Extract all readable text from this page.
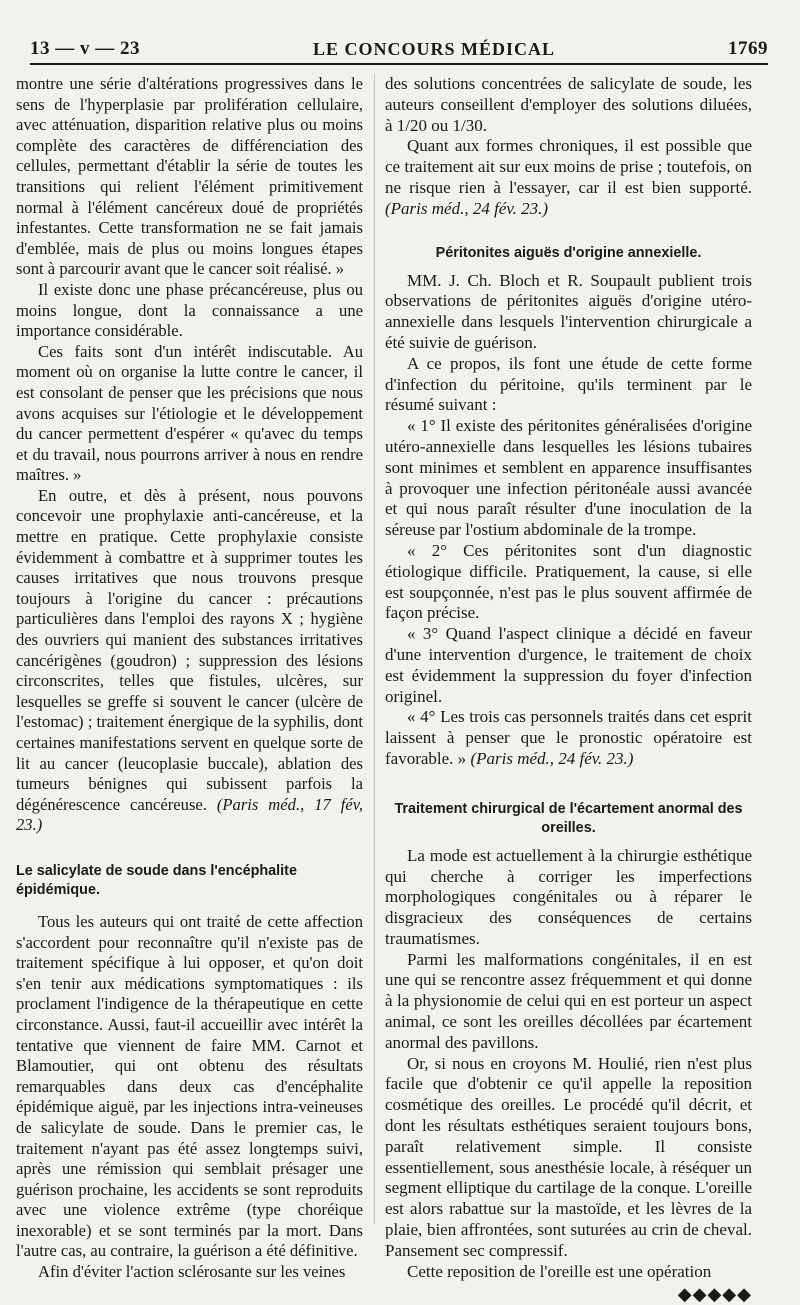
13 — v — 23	LE CONCOURS MÉDICAL	1769

montre une série d'altérations progressives dans le sens de l'hyperplasie par prolifération cellulaire, avec atténuation, disparition relative plus ou moins complète des caractères de différenciation des cellules, permettant d'établir la série de toutes les transitions qui relient l'élément primitivement normal à l'élément cancéreux doué de propriétés infestantes. Cette transformation ne se fait jamais d'emblée, mais de plus ou moins longues étapes sont à parcourir avant que le cancer soit réalisé. »

Il existe donc une phase précancéreuse, plus ou moins longue, dont la connaissance a une importance considérable.

Ces faits sont d'un intérêt indiscutable. Au moment où on organise la lutte contre le cancer, il est consolant de penser que les précisions que nous avons acquises sur l'étiologie et le développement du cancer permettent d'espérer « qu'avec du temps et du travail, nous pourrons arriver à nous en rendre maîtres. »

En outre, et dès à présent, nous pouvons concevoir une prophylaxie anti-cancéreuse, et la mettre en pratique. Cette prophylaxie consiste évidemment à combattre et à supprimer toutes les causes irritatives que nous trouvons presque toujours à l'origine du cancer : précautions particulières dans l'emploi des rayons X ; hygiène des ouvriers qui manient des substances irritatives cancérigènes (goudron) ; suppression des lésions circonscrites, telles que fistules, ulcères, sur lesquelles se greffe si souvent le cancer (ulcère de l'estomac) ; traitement énergique de la syphilis, dont certaines manifestations servent en quelque sorte de lit au cancer (leucoplasie buccale), ablation des tumeurs bénignes qui subissent parfois la dégénérescence cancéreuse. (Paris méd., 17 fév, 23.)

Le salicylate de soude dans l'encéphalite épidémique.

Tous les auteurs qui ont traité de cette affection s'accordent pour reconnaître qu'il n'existe pas de traitement spécifique à lui opposer, et qu'on doit s'en tenir aux médications symptomatiques : ils proclament l'indigence de la thérapeutique en cette circonstance. Aussi, faut-il accueillir avec intérêt la tentative que viennent de faire MM. Carnot et Blamoutier, qui ont obtenu des résultats remarquables dans deux cas d'encéphalite épidémique aiguë, par les injections intra-veineuses de salicylate de soude. Dans le premier cas, le traitement n'ayant pas été assez longtemps suivi, après une rémission qui semblait présager une guérison prochaine, les accidents se sont reproduits avec une violence extrême (type choréique inexorable) et se sont terminés par la mort. Dans l'autre cas, au contraire, la guérison a été définitive.

Afin d'éviter l'action sclérosante sur les veines

des solutions concentrées de salicylate de soude, les auteurs conseillent d'employer des solutions diluées, à 1/20 ou 1/30.

Quant aux formes chroniques, il est possible que ce traitement ait sur eux moins de prise ; toutefois, on ne risque rien à l'essayer, car il est bien supporté. (Paris méd., 24 fév. 23.)

Péritonites aiguës d'origine annexielle.

MM. J. Ch. Bloch et R. Soupault publient trois observations de péritonites aiguës d'origine utéro-annexielle dans lesquels l'intervention chirurgicale a été suivie de guérison.

A ce propos, ils font une étude de cette forme d'infection du péritoine, qu'ils terminent par le résumé suivant :

« 1° Il existe des péritonites généralisées d'origine utéro-annexielle dans lesquelles les lésions tubaires sont minimes et semblent en apparence insuffisantes à provoquer une infection péritonéale aussi avancée et qui nous paraît résulter d'une inoculation de la séreuse par l'ostium abdominale de la trompe.

« 2° Ces péritonites sont d'un diagnostic étiologique difficile. Pratiquement, la cause, si elle est soupçonnée, n'est pas le plus souvent affirmée de façon précise.

« 3° Quand l'aspect clinique a décidé en faveur d'une intervention d'urgence, le traitement de choix est évidemment la suppression du foyer d'infection originel.

« 4° Les trois cas personnels traités dans cet esprit laissent à penser que le pronostic opératoire est favorable. » (Paris méd., 24 fév. 23.)

Traitement chirurgical de l'écartement anormal des oreilles.

La mode est actuellement à la chirurgie esthétique qui cherche à corriger les imperfections morphologiques congénitales ou à réparer le disgracieux des conséquences de certains traumatismes.

Parmi les malformations congénitales, il en est une qui se rencontre assez fréquemment et qui donne à la physionomie de celui qui en est porteur un aspect animal, ce sont les oreilles décollées par écartement anormal des pavillons.

Or, si nous en croyons M. Houlié, rien n'est plus facile que d'obtenir ce qu'il appelle la reposition cosmétique des oreilles. Le procédé qu'il décrit, et dont les résultats esthétiques seraient toujours bons, paraît relativement simple. Il consiste essentiellement, sous anesthésie locale, à réséquer un segment elliptique du cartilage de la conque. L'oreille est alors rabattue sur la mastoïde, et les lèvres de la plaie, bien affrontées, sont suturées au crin de cheval. Pansement sec compressif.

Cette reposition de l'oreille est une opération

◆◆◆◆◆
